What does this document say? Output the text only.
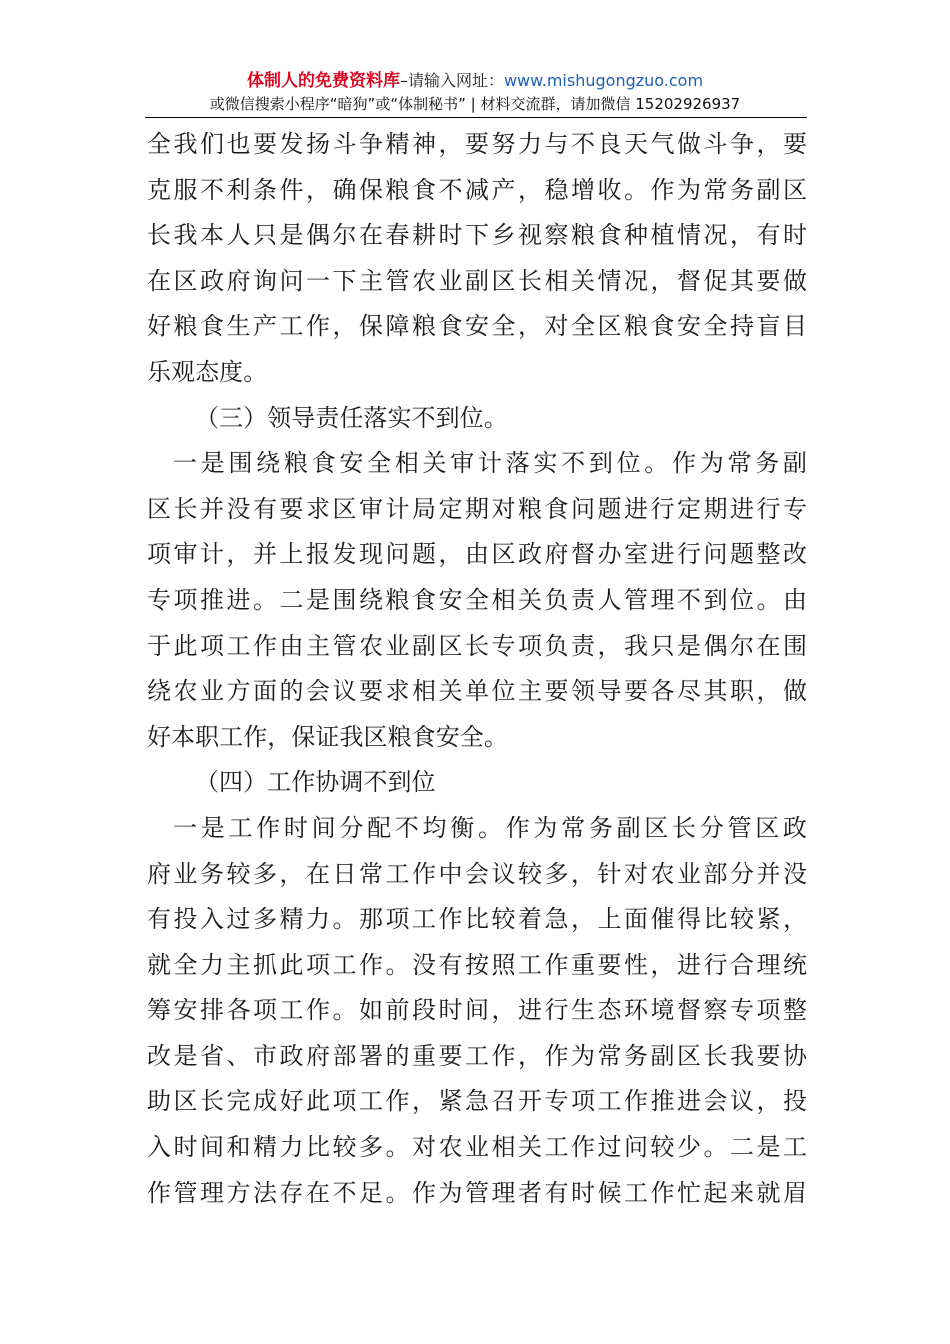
体制人的免费资料库–请输入网址：www.mishugongzuo.com
或微信搜索小程序“暗狗”或“体制秘书” | 材料交流群，请加微信 15202926937
全我们也要发扬斗争精神，要努力与不良天气做斗争，要
克服不利条件，确保粮食不减产，稳增收。作为常务副区
长我本人只是偶尔在春耕时下乡视察粮食种植情况，有时
在区政府询问一下主管农业副区长相关情况，督促其要做
好粮食生产工作，保障粮食安全，对全区粮食安全持盲目
乐观态度。
（三）领导责任落实不到位。
一是围绕粮食安全相关审计落实不到位。作为常务副
区长并没有要求区审计局定期对粮食问题进行定期进行专
项审计，并上报发现问题，由区政府督办室进行问题整改
专项推进。二是围绕粮食安全相关负责人管理不到位。由
于此项工作由主管农业副区长专项负责，我只是偶尔在围
绕农业方面的会议要求相关单位主要领导要各尽其职，做
好本职工作，保证我区粮食安全。
（四）工作协调不到位
一是工作时间分配不均衡。作为常务副区长分管区政
府业务较多，在日常工作中会议较多，针对农业部分并没
有投入过多精力。那项工作比较着急，上面催得比较紧，
就全力主抓此项工作。没有按照工作重要性，进行合理统
筹安排各项工作。如前段时间，进行生态环境督察专项整
改是省、市政府部署的重要工作，作为常务副区长我要协
助区长完成好此项工作，紧急召开专项工作推进会议，投
入时间和精力比较多。对农业相关工作过问较少。二是工
作管理方法存在不足。作为管理者有时候工作忙起来就眉
